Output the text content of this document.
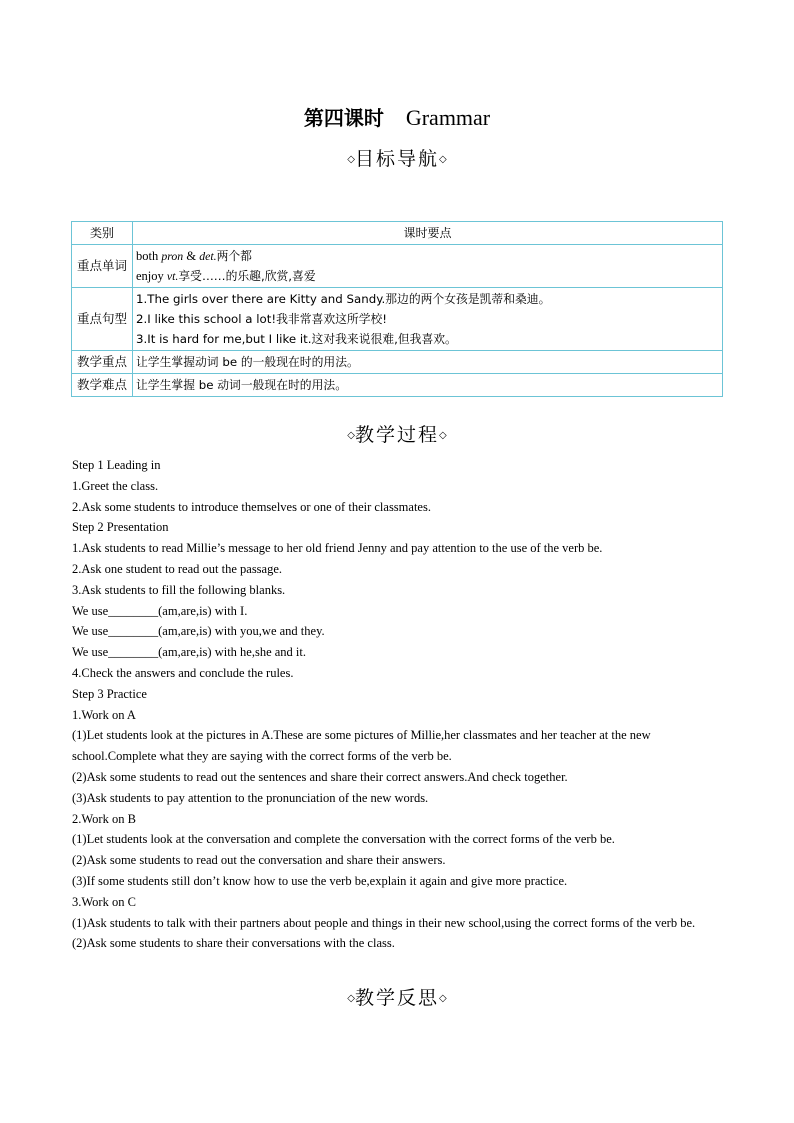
第四课时 Grammar
◇目标导航◇
类别	课时要点
重点单词	both pron & det.两个都
enjoy vt.享受……的乐趣,欣赏,喜爱

重点句型	1.The girls over there are Kitty and Sandy.那边的两个女孩是凯蒂和桑迪。
2.I like this school a lot!我非常喜欢这所学校!
3.It is hard for me,but I like it.这对我来说很难,但我喜欢。

教学重点	让学生掌握动词 be 的一般现在时的用法。
教学难点	让学生掌握 be 动词一般现在时的用法。
◇教学过程◇

Step 1 Leading in

1.Greet the class.

2.Ask some students to introduce themselves or one of their classmates.

Step 2 Presentation

1.Ask students to read Millie’s message to her old friend Jenny and pay attention to the use of the verb be.

2.Ask one student to read out the passage.

3.Ask students to fill the following blanks.

We use________(am,are,is) with I.

We use________(am,are,is) with you,we and they.

We use________(am,are,is) with he,she and it.

4.Check the answers and conclude the rules.

Step 3 Practice

1.Work on A

(1)Let students look at the pictures in A.These are some pictures of Millie,her classmates and her teacher at the new school.Complete what they are saying with the correct forms of the verb be.

(2)Ask some students to read out the sentences and share their correct answers.And check together.

(3)Ask students to pay attention to the pronunciation of the new words.

2.Work on B

(1)Let students look at the conversation and complete the conversation with the correct forms of the verb be.

(2)Ask some students to read out the conversation and share their answers.

(3)If some students still don’t know how to use the verb be,explain it again and give more practice.

3.Work on C

(1)Ask students to talk with their partners about people and things in their new school,using the correct forms of the verb be.

(2)Ask some students to share their conversations with the class.

◇教学反思◇
